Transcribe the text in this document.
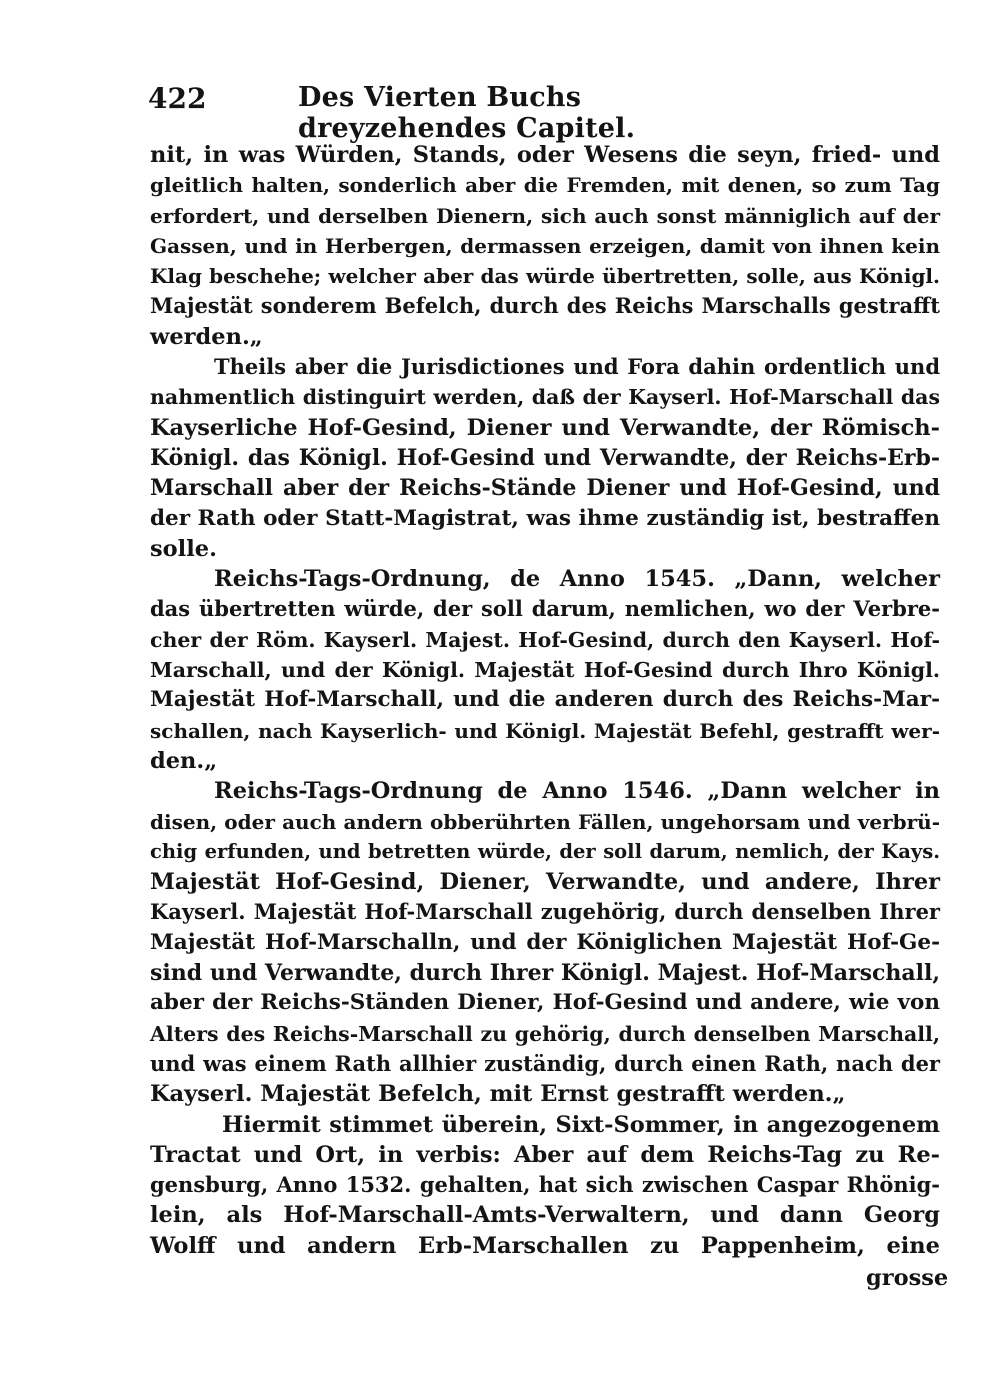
422	Des Vierten Buchs dreyzehendes Capitel.
nit, in was Würden, Stands, oder Wesens die seyn, fried- und
gleitlich halten, sonderlich aber die Fremden, mit denen, so zum Tag
erfordert, und derselben Dienern, sich auch sonst männiglich auf der
Gassen, und in Herbergen, dermassen erzeigen, damit von ihnen kein
Klag beschehe; welcher aber das würde übertretten, solle, aus Königl.
Majestät sonderem Befelch, durch des Reichs Marschalls gestrafft
werden.„
Theils aber die Jurisdictiones und Fora dahin ordentlich und
nahmentlich distinguirt werden, daß der Kayserl. Hof-Marschall das
Kayserliche Hof-Gesind, Diener und Verwandte, der Römisch-
Königl. das Königl. Hof-Gesind und Verwandte, der Reichs-Erb-
Marschall aber der Reichs-Stände Diener und Hof-Gesind, und
der Rath oder Statt-Magistrat, was ihme zuständig ist, bestraffen
solle.
Reichs-Tags-Ordnung, de Anno 1545. „Dann, welcher
das übertretten würde, der soll darum, nemlichen, wo der Verbre-
cher der Röm. Kayserl. Majest. Hof-Gesind, durch den Kayserl. Hof-
Marschall, und der Königl. Majestät Hof-Gesind durch Ihro Königl.
Majestät Hof-Marschall, und die anderen durch des Reichs-Mar-
schallen, nach Kayserlich- und Königl. Majestät Befehl, gestrafft wer-
den.„
Reichs-Tags-Ordnung de Anno 1546. „Dann welcher in
disen, oder auch andern obberührten Fällen, ungehorsam und verbrü-
chig erfunden, und betretten würde, der soll darum, nemlich, der Kays.
Majestät Hof-Gesind, Diener, Verwandte, und andere, Ihrer
Kayserl. Majestät Hof-Marschall zugehörig, durch denselben Ihrer
Majestät Hof-Marschalln, und der Königlichen Majestät Hof-Ge-
sind und Verwandte, durch Ihrer Königl. Majest. Hof-Marschall,
aber der Reichs-Ständen Diener, Hof-Gesind und andere, wie von
Alters des Reichs-Marschall zu gehörig, durch denselben Marschall,
und was einem Rath allhier zuständig, durch einen Rath, nach der
Kayserl. Majestät Befelch, mit Ernst gestrafft werden.„
Hiermit stimmet überein, Sixt-Sommer, in angezogenem
Tractat und Ort, in verbis: Aber auf dem Reichs-Tag zu Re-
gensburg, Anno 1532. gehalten, hat sich zwischen Caspar Rhönig-
lein, als Hof-Marschall-Amts-Verwaltern, und dann Georg
Wolff und andern Erb-Marschallen zu Pappenheim, eine
grosse
